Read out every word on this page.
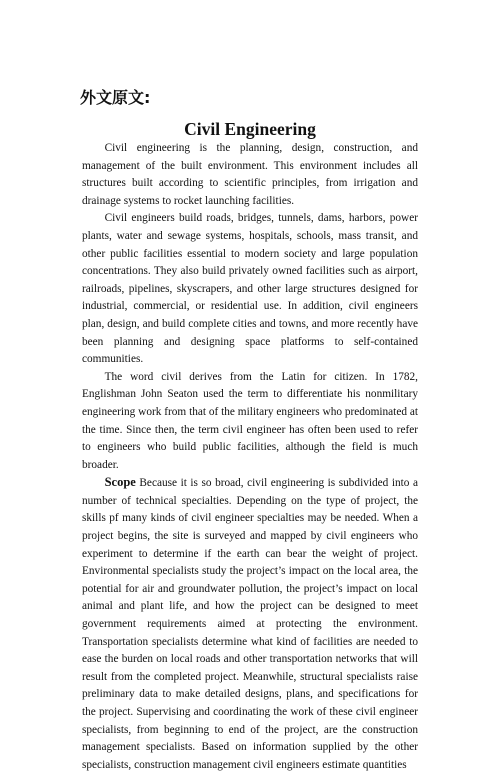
外文原文:
Civil Engineering

Civil engineering is the planning, design, construction, and management of the built environment. This environment includes all structures built according to scientific principles, from irrigation and drainage systems to rocket launching facilities.

Civil engineers build roads, bridges, tunnels, dams, harbors, power plants, water and sewage systems, hospitals, schools, mass transit, and other public facilities essential to modern society and large population concentrations. They also build privately owned facilities such as airport, railroads, pipelines, skyscrapers, and other large structures designed for industrial, commercial, or residential use. In addition, civil engineers plan, design, and build complete cities and towns, and more recently have been planning and designing space platforms to self-contained communities.

The word civil derives from the Latin for citizen. In 1782, Englishman John Seaton used the term to differentiate his nonmilitary engineering work from that of the military engineers who predominated at the time. Since then, the term civil engineer has often been used to refer to engineers who build public facilities, although the field is much broader.

Scope Because it is so broad, civil engineering is subdivided into a number of technical specialties. Depending on the type of project, the skills pf many kinds of civil engineer specialties may be needed. When a project begins, the site is surveyed and mapped by civil engineers who experiment to determine if the earth can bear the weight of project. Environmental specialists study the project’s impact on the local area, the potential for air and groundwater pollution, the project’s impact on local animal and plant life, and how the project can be designed to meet government requirements aimed at protecting the environment. Transportation specialists determine what kind of facilities are needed to ease the burden on local roads and other transportation networks that will result from the completed project. Meanwhile, structural specialists raise preliminary data to make detailed designs, plans, and specifications for the project. Supervising and coordinating the work of these civil engineer specialists, from beginning to end of the project, are the construction management specialists. Based on information supplied by the other specialists, construction management civil engineers estimate quantities
